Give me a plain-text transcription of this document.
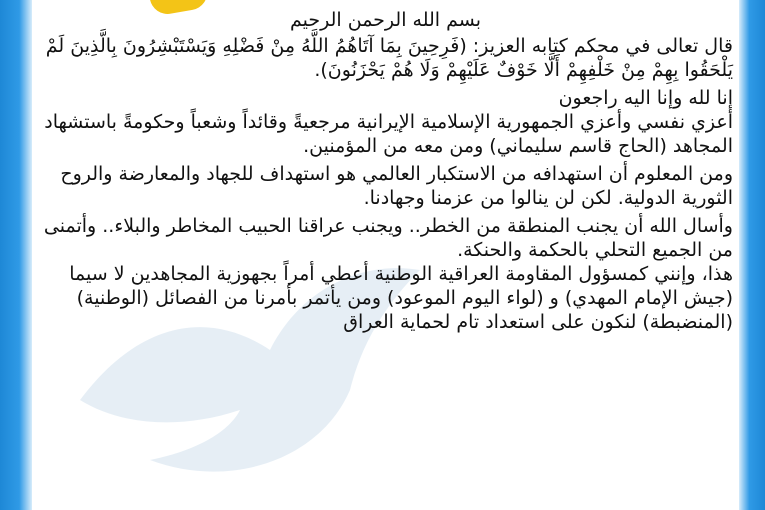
بسم الله الرحمن الرحيم

قال تعالى في محكم كتابه العزيز: (فَرِحِينَ بِمَا آتَاهُمُ اللَّهُ مِنْ فَضْلِهِ وَيَسْتَبْشِرُونَ بِالَّذِينَ لَمْ يَلْحَقُوا بِهِمْ مِنْ خَلْفِهِمْ أَلَّا خَوْفٌ عَلَيْهِمْ وَلَا هُمْ يَحْزَنُونَ).

إنا لله وإنا اليه راجعون

أعزي نفسي وأعزي الجمهورية الإسلامية الإيرانية مرجعيةً وقائداً وشعباً وحكومةً باستشهاد المجاهد (الحاج قاسم سليماني) ومن معه من المؤمنين.

ومن المعلوم أن استهدافه من الاستكبار العالمي هو استهداف للجهاد والمعارضة والروح الثورية الدولية. لكن لن ينالوا من عزمنا وجهادنا.

وأسال الله أن يجنب المنطقة من الخطر.. ويجنب عراقنا الحبيب المخاطر والبلاء.. وأتمنى من الجميع التحلي بالحكمة والحنكة.

هذا، وإنني كمسؤول المقاومة العراقية الوطنية أعطي أمراً بجهوزية المجاهدين لا سيما (جيش الإمام المهدي) و (لواء اليوم الموعود) ومن يأتمر بأمرنا من الفصائل (الوطنية) (المنضبطة) لنكون على استعداد تام لحماية العراق
